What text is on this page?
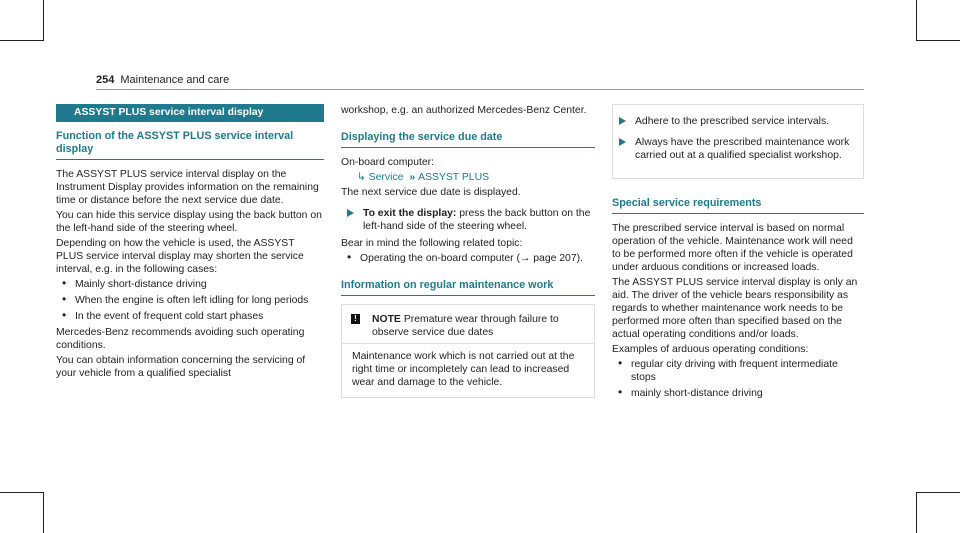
254 Maintenance and care
ASSYST PLUS service interval display
Function of the ASSYST PLUS service interval display

The ASSYST PLUS service interval display on the Instrument Display provides information on the remaining time or distance before the next service due date.

You can hide this service display using the back button on the left-hand side of the steering wheel.

Depending on how the vehicle is used, the ASSYST PLUS service interval display may shorten the service interval, e.g. in the following cases:

• Mainly short-distance driving
• When the engine is often left idling for long periods
• In the event of frequent cold start phases

Mercedes-Benz recommends avoiding such operating conditions.

You can obtain information concerning the servicing of your vehicle from a qualified specialist

workshop, e.g. an authorized Mercedes-Benz Center.

Displaying the service due date

On-board computer:

↳ Service » ASSYST PLUS

The next service due date is displayed.

To exit the display: press the back button on the left-hand side of the steering wheel.

Bear in mind the following related topic:

• Operating the on-board computer (→ page 207).
Information on regular maintenance work
!	NOTE Premature wear through failure to observe service due dates
Maintenance work which is not carried out at the right time or incompletely can lead to increased wear and damage to the vehicle.
Adhere to the prescribed service intervals.
Always have the prescribed maintenance work carried out at a qualified specialist workshop.
Special service requirements

The prescribed service interval is based on normal operation of the vehicle. Maintenance work will need to be performed more often if the vehicle is operated under arduous conditions or increased loads.

The ASSYST PLUS service interval display is only an aid. The driver of the vehicle bears responsibility as regards to whether maintenance work needs to be performed more often than specified based on the actual operating conditions and/or loads.

Examples of arduous operating conditions:

• regular city driving with frequent intermediate stops
• mainly short-distance driving
